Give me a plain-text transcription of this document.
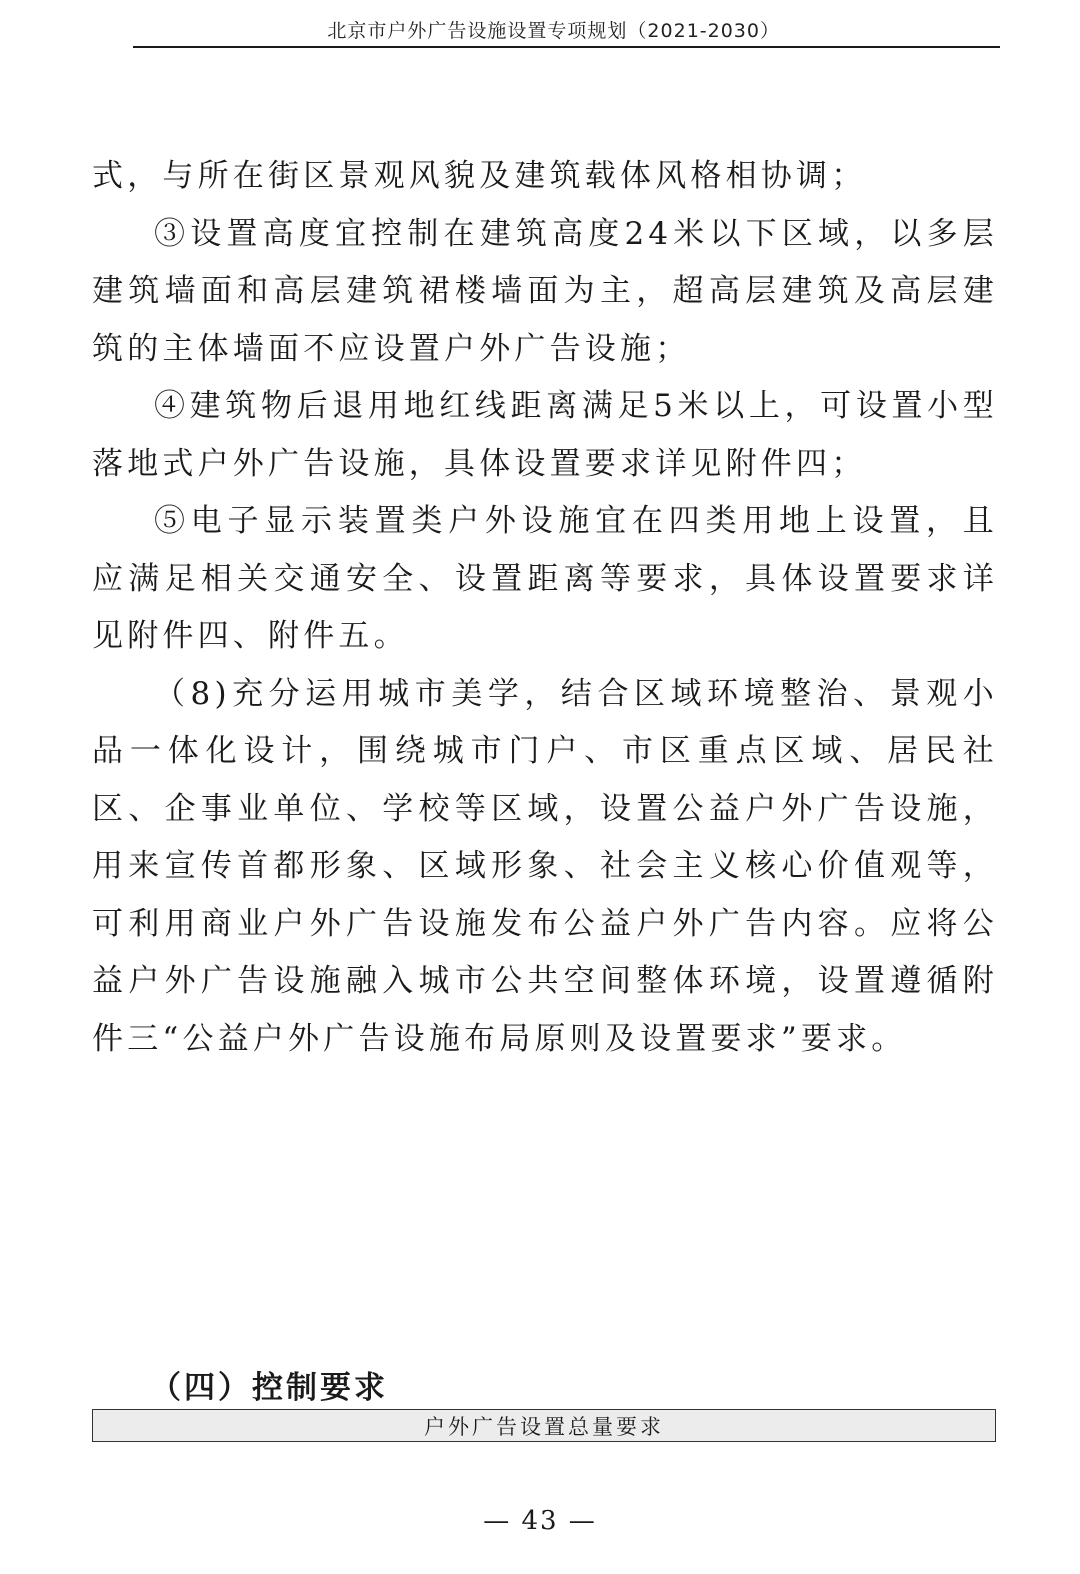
北京市户外广告设施设置专项规划（2021-2030）

式，与所在街区景观风貌及建筑载体风格相协调；

③设置高度宜控制在建筑高度24米以下区域，以多层建筑墙面和高层建筑裙楼墙面为主，超高层建筑及高层建筑的主体墙面不应设置户外广告设施；

④建筑物后退用地红线距离满足5米以上，可设置小型落地式户外广告设施，具体设置要求详见附件四；

⑤电子显示装置类户外设施宜在四类用地上设置，且应满足相关交通安全、设置距离等要求，具体设置要求详见附件四、附件五。

（8)充分运用城市美学，结合区域环境整治、景观小品一体化设计，围绕城市门户、市区重点区域、居民社区、企事业单位、学校等区域，设置公益户外广告设施，用来宣传首都形象、区域形象、社会主义核心价值观等，可利用商业户外广告设施发布公益户外广告内容。应将公益户外广告设施融入城市公共空间整体环境，设置遵循附件三“公益户外广告设施布局原则及设置要求”要求。

（四）控制要求
户外广告设置总量要求
— 43 —
